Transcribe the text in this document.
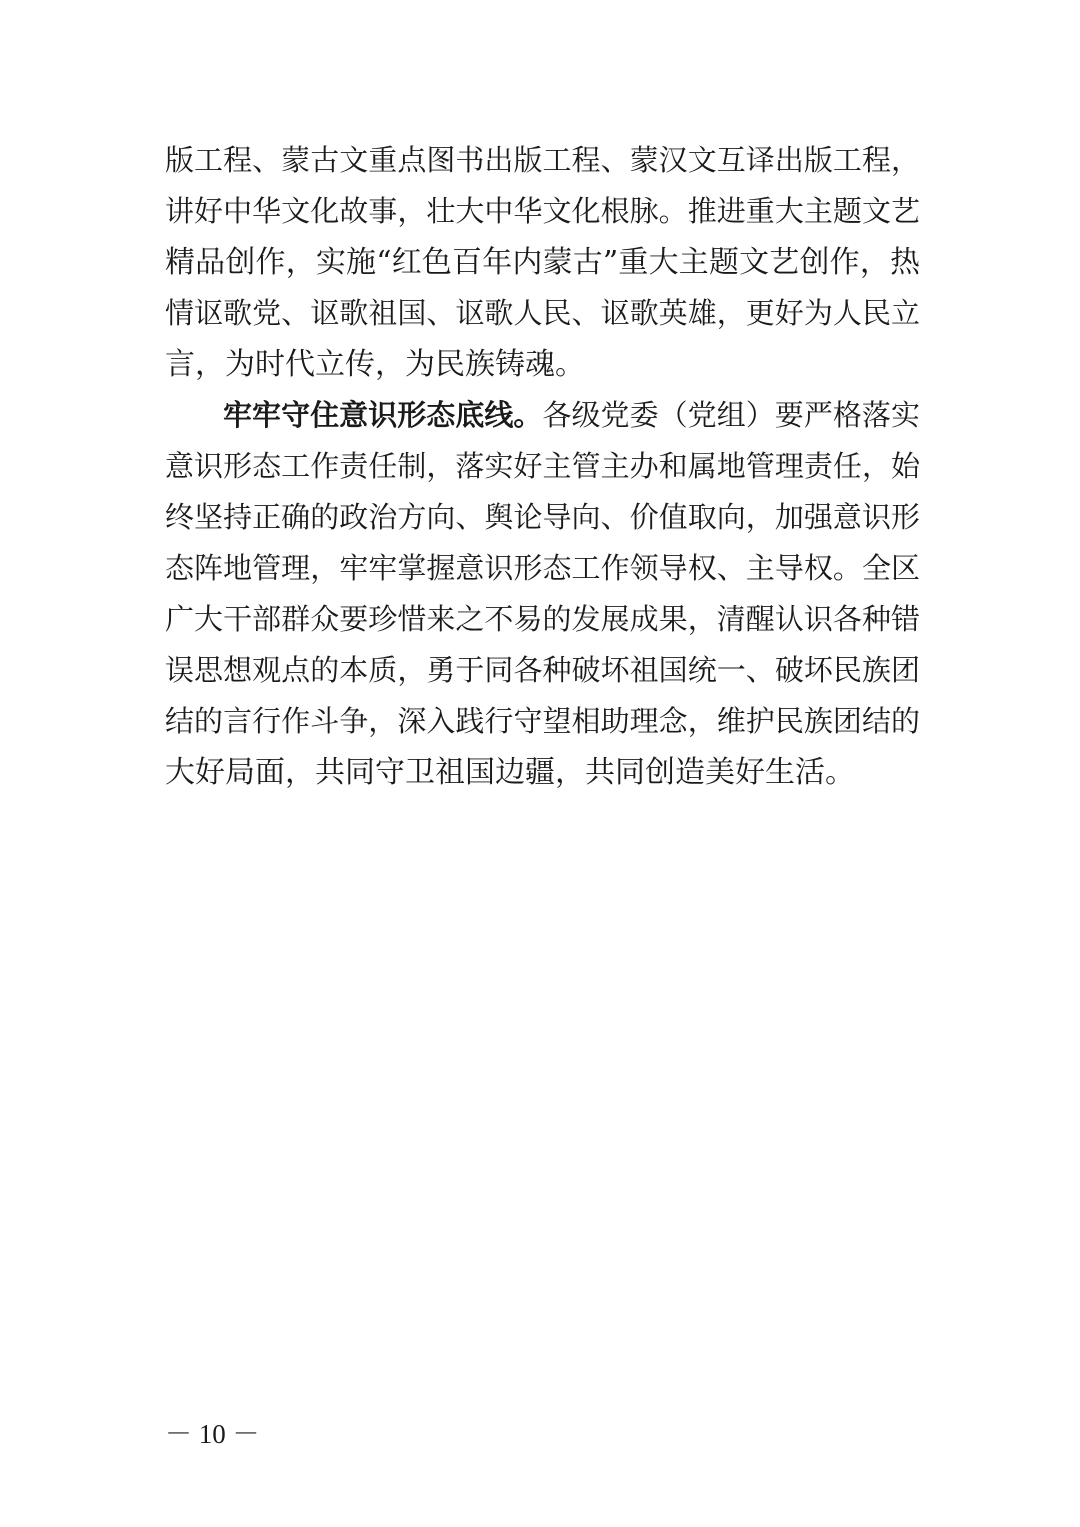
版工程、蒙古文重点图书出版工程、蒙汉文互译出版工程，
讲好中华文化故事，壮大中华文化根脉。推进重大主题文艺
精品创作，实施“红色百年内蒙古”重大主题文艺创作，热
情讴歌党、讴歌祖国、讴歌人民、讴歌英雄，更好为人民立
言，为时代立传，为民族铸魂。
牢牢守住意识形态底线。各级党委（党组）要严格落实
意识形态工作责任制，落实好主管主办和属地管理责任，始
终坚持正确的政治方向、舆论导向、价值取向，加强意识形
态阵地管理，牢牢掌握意识形态工作领导权、主导权。全区
广大干部群众要珍惜来之不易的发展成果，清醒认识各种错
误思想观点的本质，勇于同各种破坏祖国统一、破坏民族团
结的言行作斗争，深入践行守望相助理念，维护民族团结的
大好局面，共同守卫祖国边疆，共同创造美好生活。
－ 10 －
